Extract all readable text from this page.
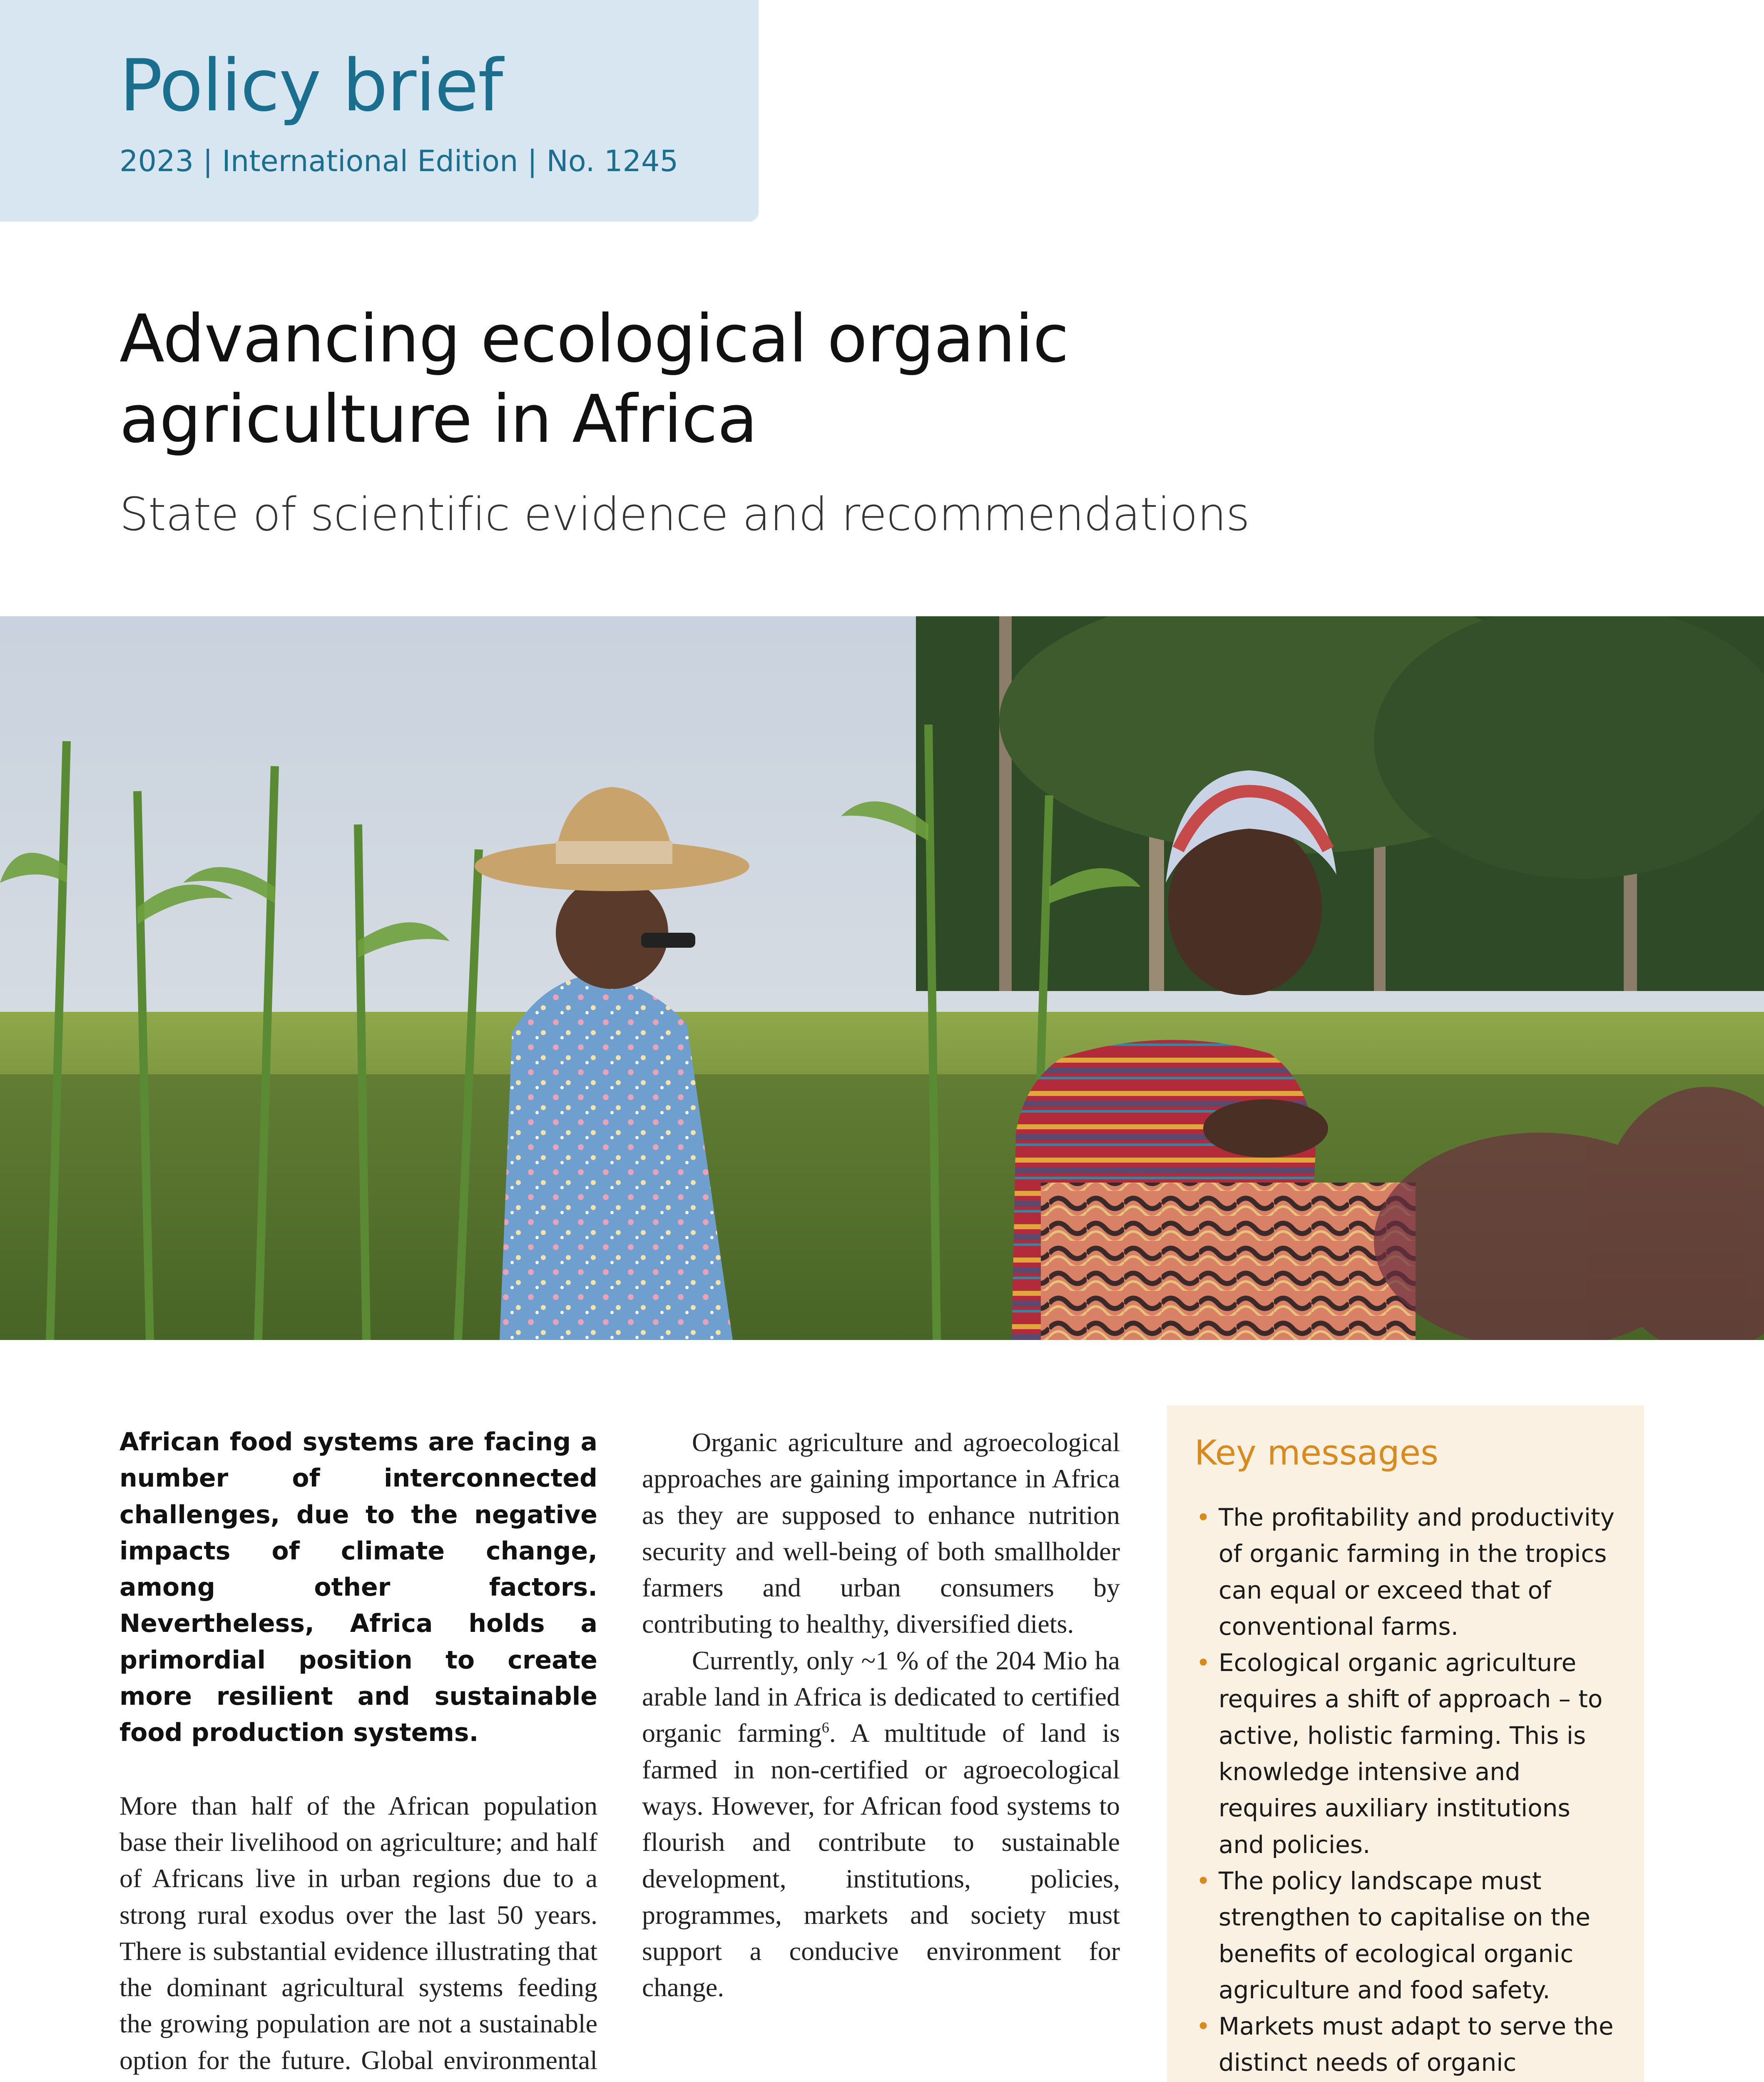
Policy brief
2023 | International Edition | No. 1245
Advancing ecological organic
agriculture in Africa
State of scientific evidence and recommendations
African food systems are facing a number of interconnected challenges, due to the negative impacts of climate change, among other factors. Nevertheless, Africa holds a primordial position to create more resilient and sustainable food production systems.

More than half of the African population base their livelihood on agriculture; and half of Africans live in urban regions due to a strong rural exodus over the last 50 years. There is substantial evidence illustrating that the dominant agricultural systems feeding the growing population are not a sustainable option for the future. Global environmental

Organic agriculture and agroecological approaches are gaining importance in Africa as they are supposed to enhance nutrition security and well-being of both smallholder farmers and urban consumers by contributing to healthy, diversified diets.

Currently, only ~1 % of the 204 Mio ha arable land in Africa is dedicated to certified organic farming$^6$. A multitude of land is farmed in non-certified or agroecological ways. However, for African food systems to flourish and contribute to sustainable development, institutions, policies, programmes, markets and society must support a conducive environment for change.

Key messages
• The profitability and productivity of organic farming in the tropics can equal or exceed that of conventional farms.
• Ecological organic agriculture requires a shift of approach – to active, holistic farming. This is knowledge intensive and requires auxiliary institutions and policies.
• The policy landscape must strengthen to capitalise on the benefits of ecological organic agriculture and food safety.
• Markets must adapt to serve the distinct needs of organic
